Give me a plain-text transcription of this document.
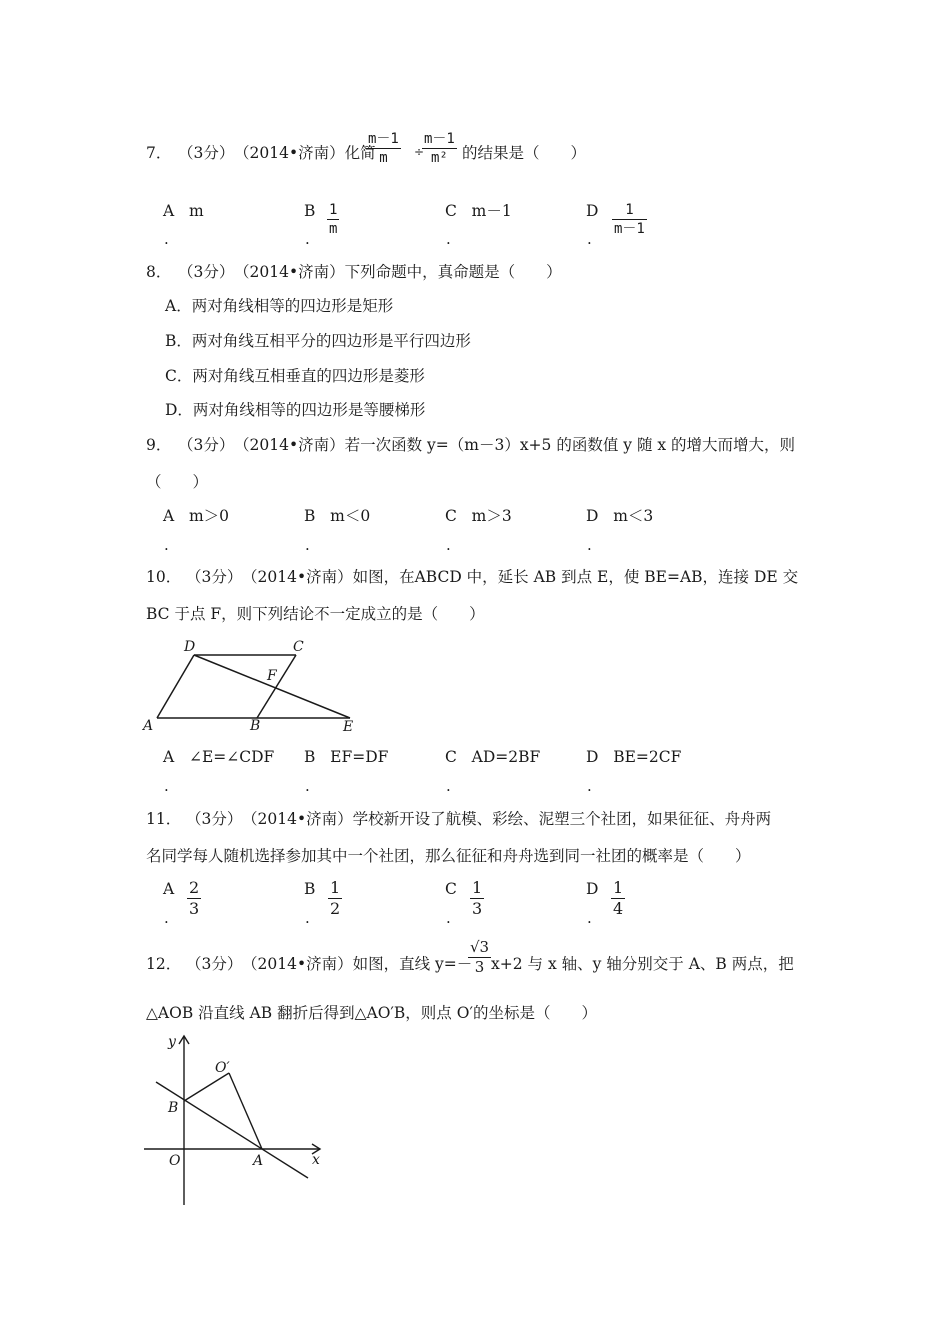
7． （3分） （2014•济南）化简
m－1
m	÷
m－1
m² 的结果是（　　）
A m
.
B 1
m
.
C m－1
.
D	1
m－1
.
8． （3分） （2014•济南）下列命题中，真命题是（　　）
A．两对角线相等的四边形是矩形
B．两对角线互相平分的四边形是平行四边形
C．两对角线互相垂直的四边形是菱形
D．两对角线相等的四边形是等腰梯形
9． （3分） （2014•济南）若一次函数 y=（m－3）x+5 的函数值 y 随 x 的增大而增大，则
（　　）
A m＞0
.
B m＜0
.
C m＞3
.
D m＜3
.
10． （3分） （2014•济南）如图，在ABCD 中，延长 AB 到点 E，使 BE=AB，连接 DE 交
BC 于点 F，则下列结论不一定成立的是（　　）
D	C
F
A	B	E
A ∠E=∠CDF
.
B EF=DF
.
C AD=2BF
.
D BE=2CF
.
11． （3分） （2014•济南）学校新开设了航模、彩绘、泥塑三个社团，如果征征、舟舟两
名同学每人随机选择参加其中一个社团，那么征征和舟舟选到同一社团的概率是（　　）
A 2
3
.
B 1
2
.
C 1
3
.
D 1
4
.
12． （3分） （2014•济南）如图，直线 y=－
√3
3 x+2 与 x 轴、y 轴分别交于 A、B 两点，把
△AOB 沿直线 AB 翻折后得到△AO′B，则点 O′的坐标是（　　）
y
x
O	A
B
O′
